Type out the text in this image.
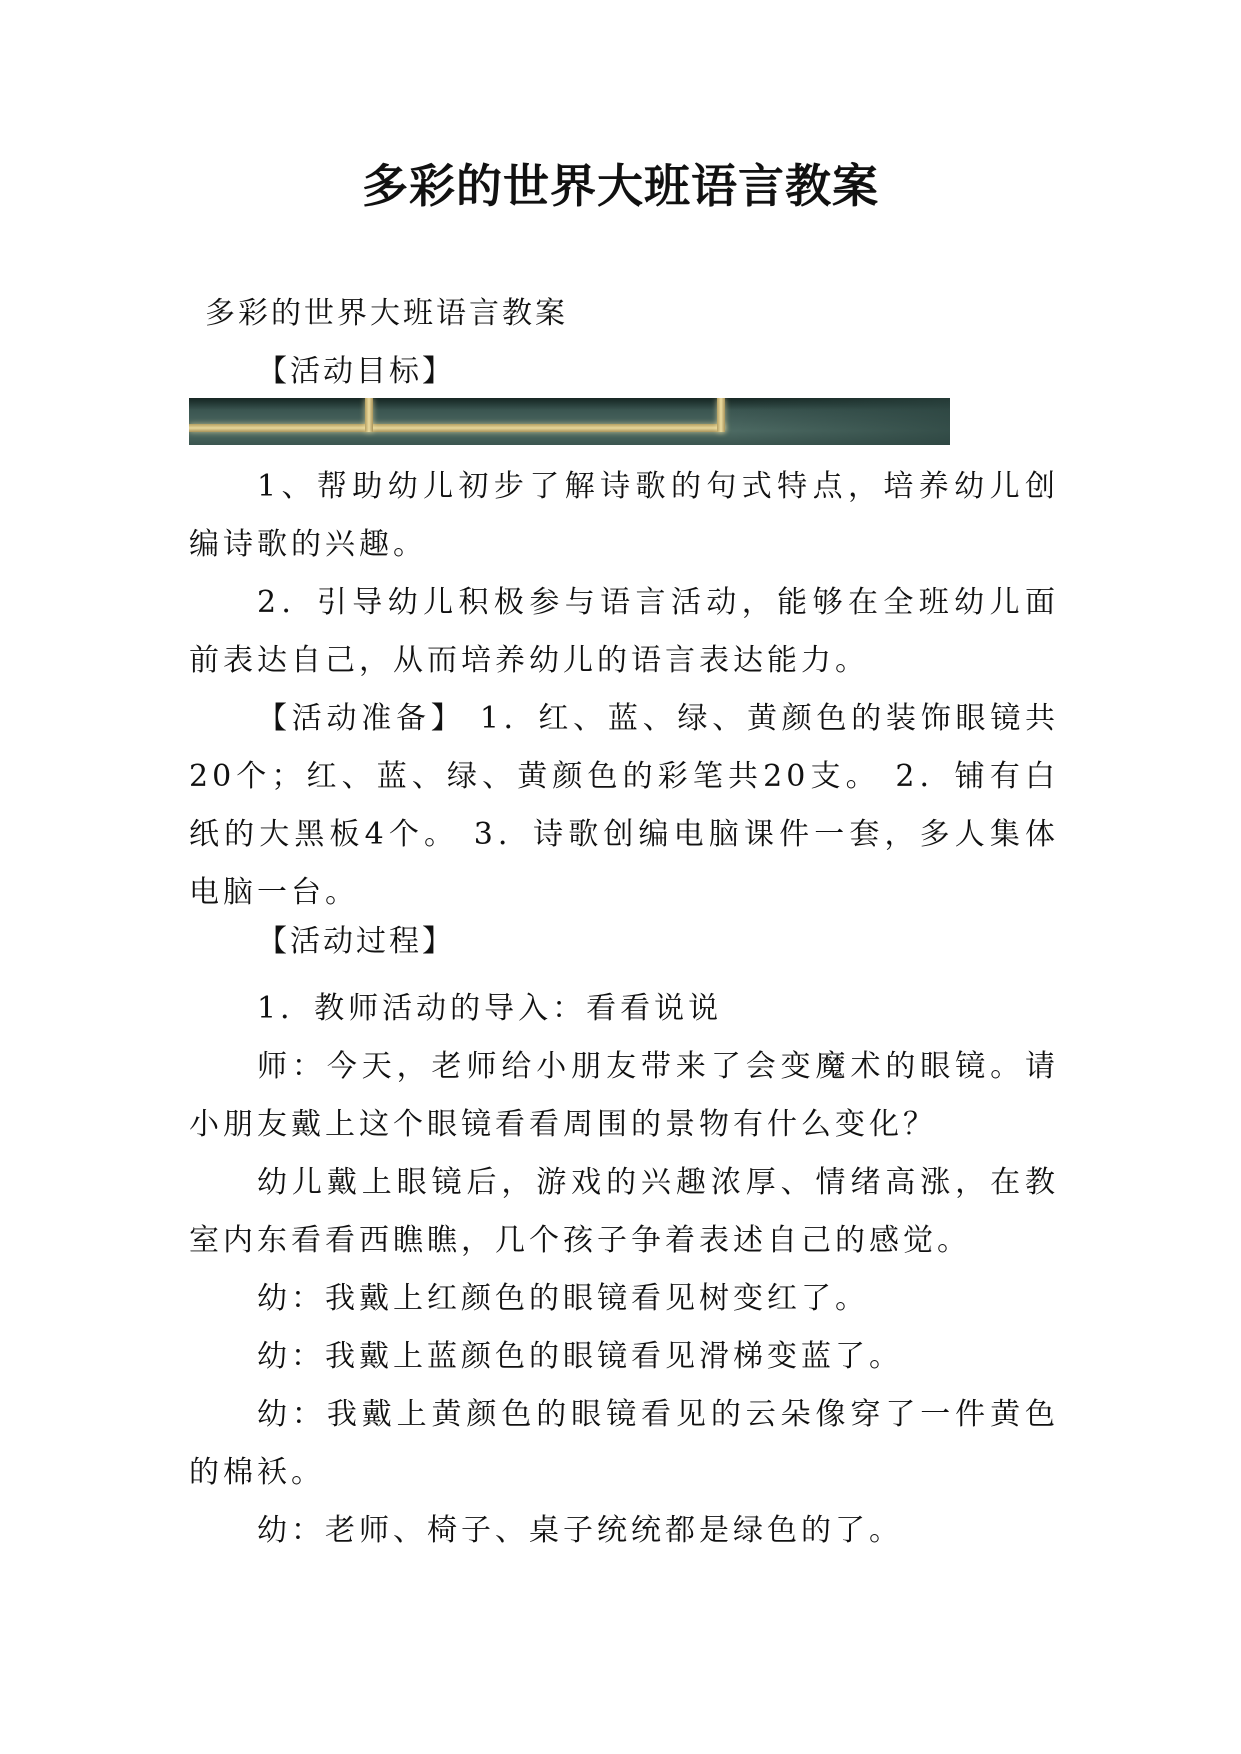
多彩的世界大班语言教案
多彩的世界大班语言教案
【活动目标】

1、帮助幼儿初步了解诗歌的句式特点，培养幼儿创编诗歌的兴趣。

2．引导幼儿积极参与语言活动，能够在全班幼儿面前表达自己，从而培养幼儿的语言表达能力。

【活动准备】 1．红、蓝、绿、黄颜色的装饰眼镜共20个；红、蓝、绿、黄颜色的彩笔共20支。 2．铺有白纸的大黑板4个。 3．诗歌创编电脑课件一套，多人集体电脑一台。

【活动过程】

1．教师活动的导入：看看说说

师：今天，老师给小朋友带来了会变魔术的眼镜。请小朋友戴上这个眼镜看看周围的景物有什么变化？

幼儿戴上眼镜后，游戏的兴趣浓厚、情绪高涨，在教室内东看看西瞧瞧，几个孩子争着表述自己的感觉。

幼：我戴上红颜色的眼镜看见树变红了。

幼：我戴上蓝颜色的眼镜看见滑梯变蓝了。

幼：我戴上黄颜色的眼镜看见的云朵像穿了一件黄色的棉袄。

幼：老师、椅子、桌子统统都是绿色的了。
